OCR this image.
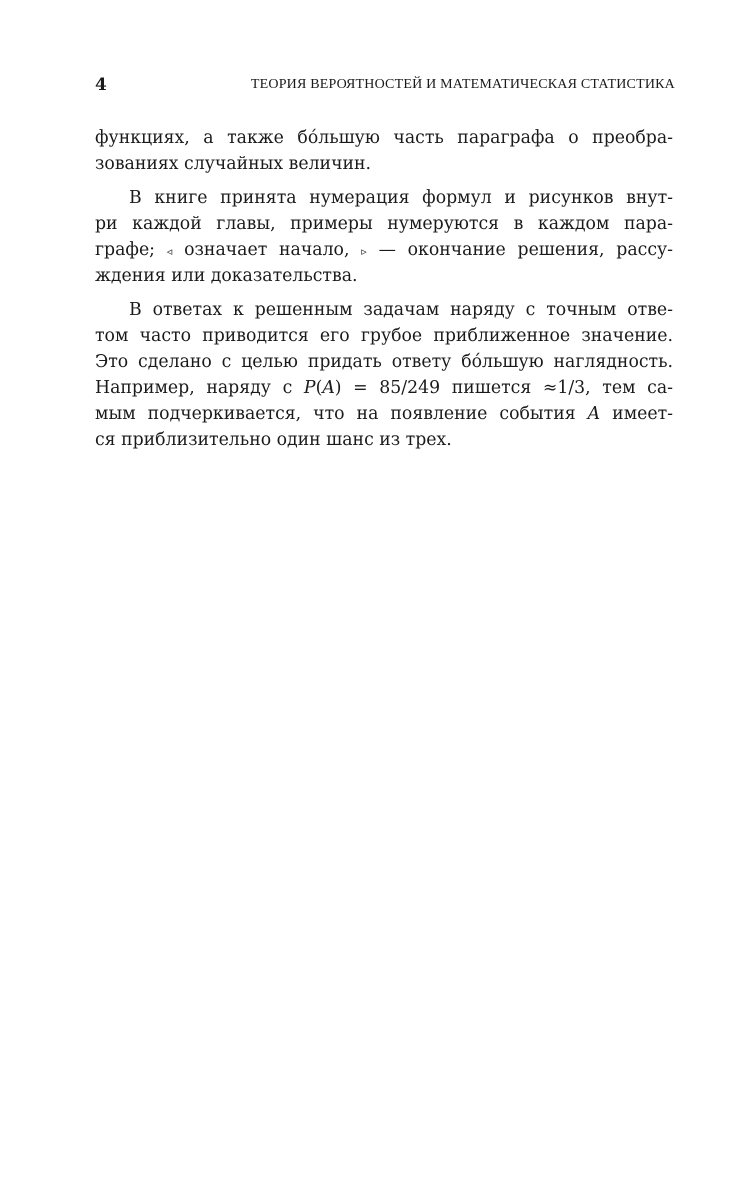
4	ТЕОРИЯ ВЕРОЯТНОСТЕЙ И МАТЕМАТИЧЕСКАЯ СТАТИСТИКА
функциях, а также бóльшую часть параграфа о преобра-
зованиях случайных величин.
В книге принята нумерация формул и рисунков внут-
ри каждой главы, примеры нумеруются в каждом пара-
графе; ◃ означает начало, ▹ — окончание решения, рассу-
ждения или доказательства.
В ответах к решенным задачам наряду с точным отве-
том часто приводится его грубое приближенное значение.
Это сделано с целью придать ответу бóльшую наглядность.
Например, наряду с P(A) = 85/249 пишется ≈1/3, тем са-
мым подчеркивается, что на появление события A имеет-
ся приблизительно один шанс из трех.
